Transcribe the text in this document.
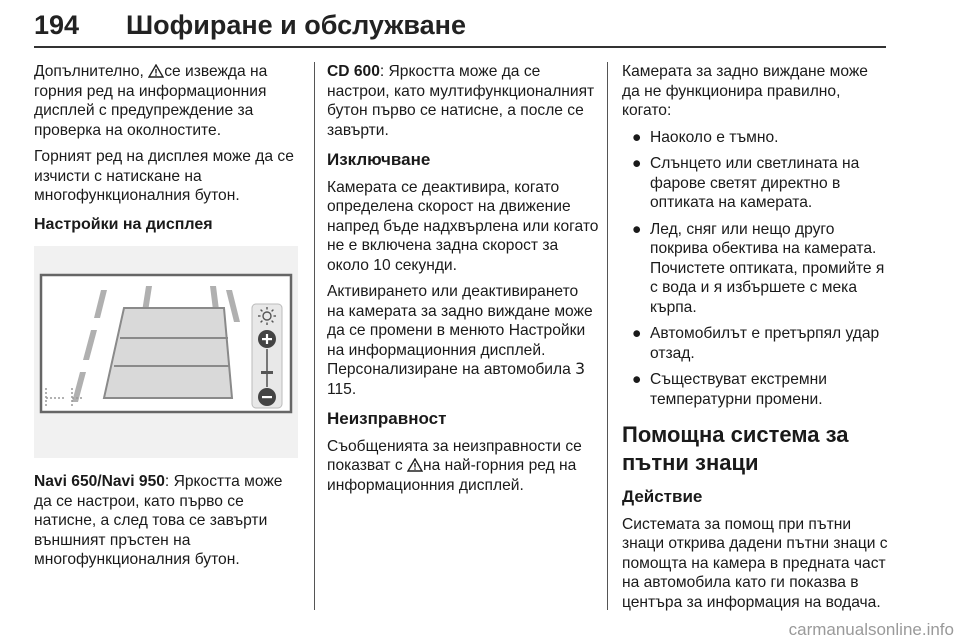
194 Шофиране и обслужване

Допълнително, се извежда на горния ред на информационния дисплей с предупреждение за проверка на околностите.

Горният ред на дисплея може да се изчисти с натискане на многофункционалния бутон.

Настройки на дисплея

Navi 650/Navi 950: Яркостта може да се настрои, като първо се натисне, а след това се завърти външният пръстен на многофункционалния бутон.

CD 600: Яркостта може да се настрои, като мултифункционалният бутон първо се натисне, а после се завърти.

Изключване

Камерата се деактивира, когато определена скорост на движение напред бъде надхвърлена или когато не е включена задна скорост за около 10 секунди.

Активирането или деактивирането на камерата за задно виждане може да се промени в менюто Настройки на информационния дисплей. Персонализиране на автомобила 3 115.

Неизправност

Съобщенията за неизправности се показват с на най-горния ред на информационния дисплей.

Камерата за задно виждане може да не функционира правилно, когато:

● Наоколо е тъмно.
● Слънцето или светлината на фарове светят директно в оптиката на камерата.
● Лед, сняг или нещо друго покрива обектива на камерата. Почистете оптиката, промийте я с вода и я избършете с мека кърпа.
● Автомобилът е претърпял удар отзад.
● Съществуват екстремни температурни промени.
Помощна система за пътни знаци
Действие

Системата за помощ при пътни знаци открива дадени пътни знаци с помощта на камера в предната част на автомобила като ги показва в центъра за информация на водача.

carmanualsonline.info
